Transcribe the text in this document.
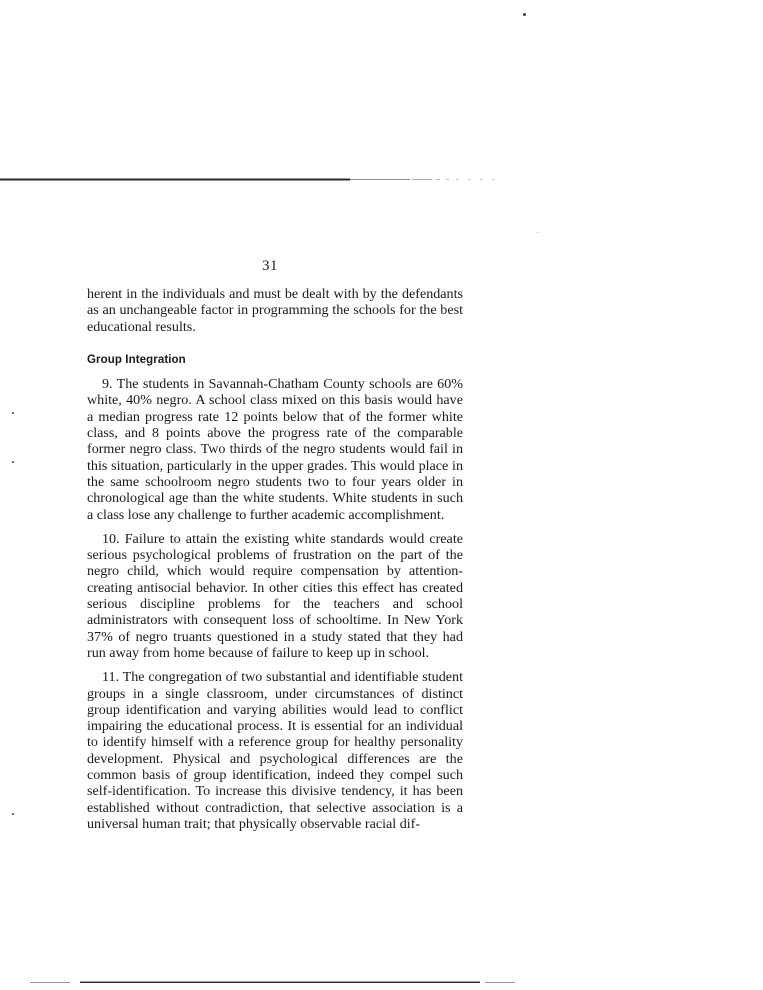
31

herent in the individuals and must be dealt with by the defendants as an unchangeable factor in programming the schools for the best educational results.

Group Integration

9. The students in Savannah-Chatham County schools are 60% white, 40% negro. A school class mixed on this basis would have a median progress rate 12 points below that of the former white class, and 8 points above the progress rate of the comparable former negro class. Two thirds of the negro students would fail in this situation, particularly in the upper grades. This would place in the same schoolroom negro students two to four years older in chronological age than the white students. White students in such a class lose any challenge to further academic accomplishment.

10. Failure to attain the existing white standards would create serious psychological problems of frustration on the part of the negro child, which would require compensation by attention-creating antisocial behavior. In other cities this effect has created serious discipline problems for the teachers and school administrators with consequent loss of schooltime. In New York 37% of negro truants questioned in a study stated that they had run away from home because of failure to keep up in school.

11. The congregation of two substantial and identifiable student groups in a single classroom, under circumstances of distinct group identification and varying abilities would lead to conflict impairing the educational process. It is essential for an individual to identify himself with a reference group for healthy personality development. Physical and psychological differences are the common basis of group identification, indeed they compel such self-identification. To increase this divisive tendency, it has been established without contradiction, that selective association is a universal human trait; that physically observable racial dif-
